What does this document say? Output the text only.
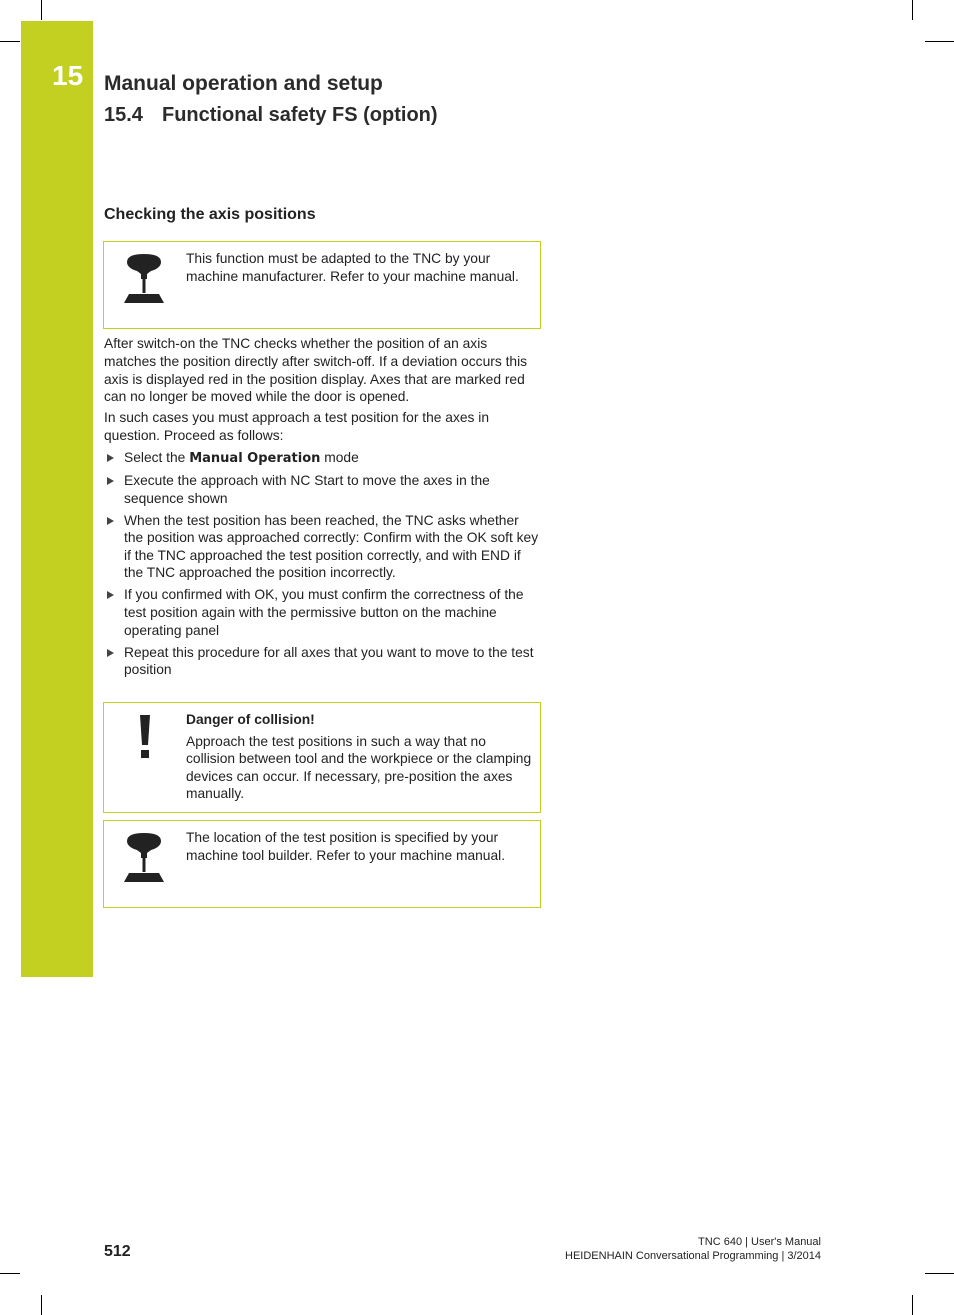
15 Manual operation and setup
15.4 Functional safety FS (option)
Checking the axis positions

This function must be adapted to the TNC by your machine manufacturer. Refer to your machine manual.

After switch-on the TNC checks whether the position of an axis matches the position directly after switch-off. If a deviation occurs this axis is displayed red in the position display. Axes that are marked red can no longer be moved while the door is opened.

In such cases you must approach a test position for the axes in question. Proceed as follows:

Select the Manual Operation mode
Execute the approach with NC Start to move the axes in the sequence shown
When the test position has been reached, the TNC asks whether the position was approached correctly: Confirm with the OK soft key if the TNC approached the test position correctly, and with END if the TNC approached the position incorrectly.
If you confirmed with OK, you must confirm the correctness of the test position again with the permissive button on the machine operating panel
Repeat this procedure for all axes that you want to move to the test position

Danger of collision!

Approach the test positions in such a way that no collision between tool and the workpiece or the clamping devices can occur. If necessary, pre-position the axes manually.

The location of the test position is specified by your machine tool builder. Refer to your machine manual.

512
TNC 640 | User's Manual
HEIDENHAIN Conversational Programming | 3/2014
